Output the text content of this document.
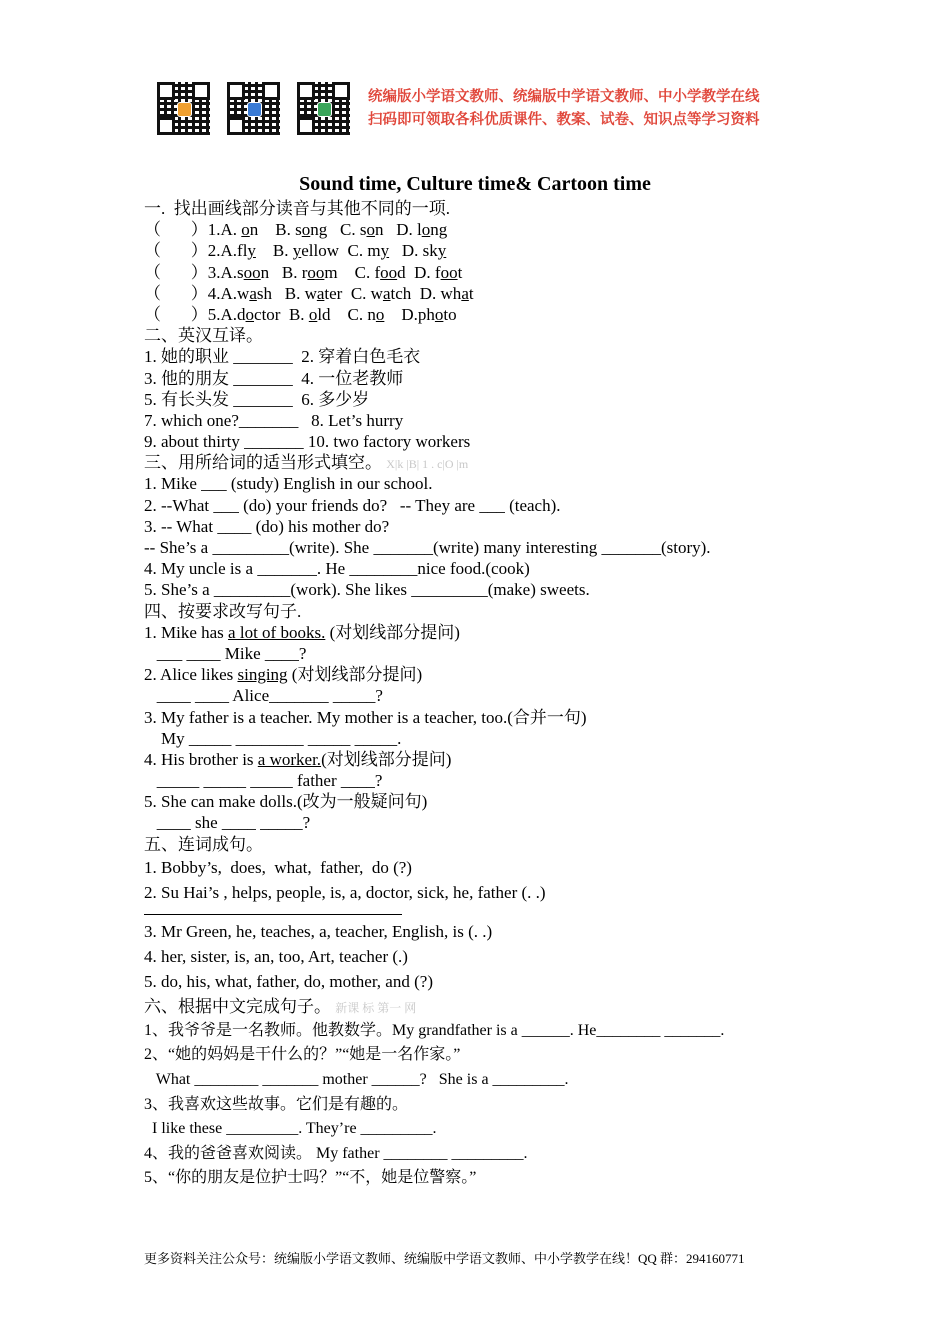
统编版小学语文教师、统编版中学语文教师、中小学教学在线
扫码即可领取各科优质课件、教案、试卷、知识点等学习资料
Sound time, Culture time& Cartoon time
一.  找出画线部分读音与其他不同的一项.
（       ）1.A. on    B. song   C. son   D. long
（       ）2.A.fly    B. yellow  C. my   D. sky
（       ）3.A.soon   B. room    C. food  D. foot
（       ）4.A.wash   B. water  C. watch  D. what
（       ）5.A.doctor  B. old    C. no    D.photo
二、英汉互译。
1. 她的职业 _______  2. 穿着白色毛衣
3. 他的朋友 _______  4. 一位老教师
5. 有长头发 _______  6. 多少岁
7. which one?_______   8. Let’s hurry
9. about thirty _______ 10. two factory workers
三、用所给词的适当形式填空。 X|k |B| 1 . c|O |m
1. Mike ___ (study) English in our school.
2. --What ___ (do) your friends do?   -- They are ___ (teach).
3. -- What ____ (do) his mother do?
-- She’s a _________(write). She _______(write) many interesting _______(story).
4. My uncle is a _______. He ________nice food.(cook)
5. She’s a _________(work). She likes _________(make) sweets.
四、按要求改写句子.
1. Mike has a lot of books. (对划线部分提问)
___ ____ Mike ____?
2. Alice likes singing (对划线部分提问)
____ ____ Alice_______ _____?
3. My father is a teacher. My mother is a teacher, too.(合并一句)
My _____ ________ _____ _____.
4. His brother is a worker.(对划线部分提问)
_____ _____ _____ father ____?
5. She can make dolls.(改为一般疑问句)
____ she ____ _____?
五、连词成句。
1. Bobby’s,  does,  what,  father,  do (?)
2. Su Hai’s , helps, people, is, a, doctor, sick, he, father (. .)
3. Mr Green, he, teaches, a, teacher, English, is (. .)
4. her, sister, is, an, too, Art, teacher (.)
5. do, his, what, father, do, mother, and (?)
六、根据中文完成句子。 新课 标 第一 网
1、我爷爷是一名教师。他教数学。My grandfather is a ______. He________ _______.
2、“她的妈妈是干什么的？”“她是一名作家。”
What ________ _______ mother ______?   She is a _________.
3、我喜欢这些故事。它们是有趣的。
I like these _________. They’re _________.
4、我的爸爸喜欢阅读。 My father ________ _________.
5、“你的朋友是位护士吗？”“不，她是位警察。”
更多资料关注公众号：统编版小学语文教师、统编版中学语文教师、中小学教学在线！QQ 群：294160771
